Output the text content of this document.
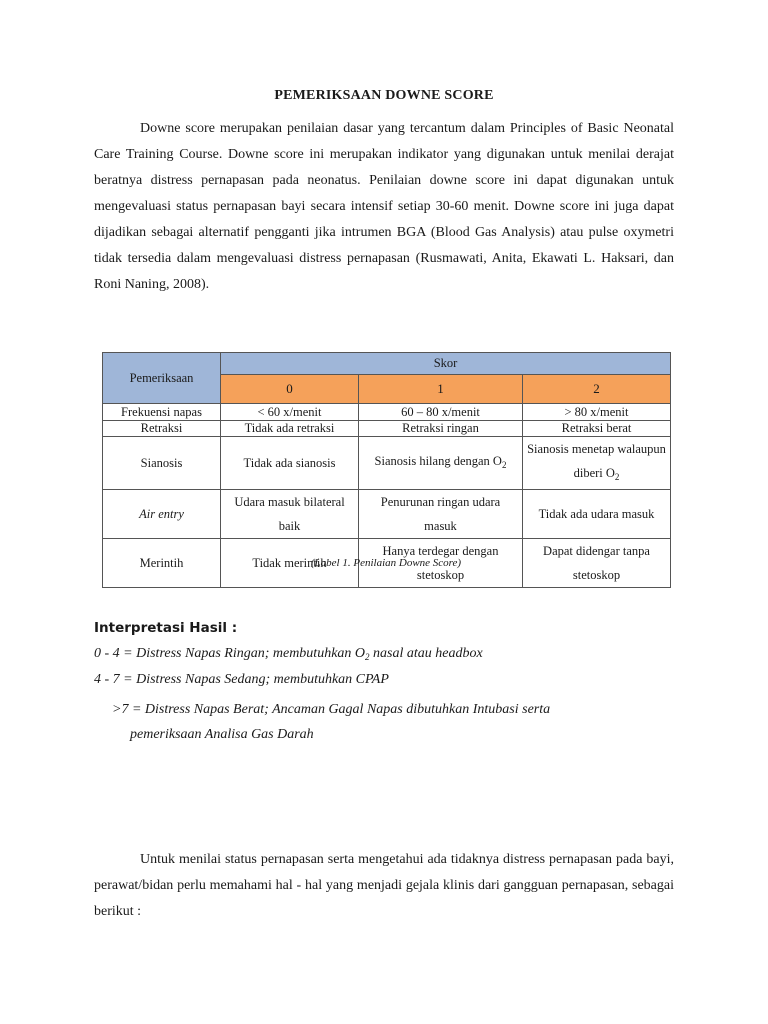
PEMERIKSAAN DOWNE SCORE
Downe score merupakan penilaian dasar yang tercantum dalam Principles of Basic Neonatal Care Training Course. Downe score ini merupakan indikator yang digunakan untuk menilai derajat beratnya distress pernapasan pada neonatus. Penilaian downe score ini dapat digunakan untuk mengevaluasi status pernapasan bayi secara intensif setiap 30-60 menit. Downe score ini juga dapat dijadikan sebagai alternatif pengganti jika intrumen BGA (Blood Gas Analysis) atau pulse oxymetri tidak tersedia dalam mengevaluasi distress pernapasan (Rusmawati, Anita, Ekawati L. Haksari, dan Roni Naning, 2008).
Pemeriksaan	Skor		
	0	1	2
Frekuensi napas	< 60 x/menit	60 – 80 x/menit	> 80 x/menit
Retraksi	Tidak ada retraksi	Retraksi ringan	Retraksi berat
Sianosis	Tidak ada sianosis	Sianosis hilang dengan $O_2$	Sianosis menetap walaupun diberi $O_2$
Air entry	Udara masuk bilateral baik	Penurunan ringan udara masuk	Tidak ada udara masuk
Merintih	Tidak merintih	Hanya terdegar dengan stetoskop	Dapat didengar tanpa stetoskop
(Label 1. Penilaian Downe Score)
Interpretasi Hasil :
0 - 4 = Distress Napas Ringan; membutuhkan $O_2$ nasal atau headbox
4 - 7 = Distress Napas Sedang; membutuhkan CPAP
>7 = Distress Napas Berat; Ancaman Gagal Napas dibutuhkan Intubasi serta
pemeriksaan Analisa Gas Darah
Untuk menilai status pernapasan serta mengetahui ada tidaknya distress pernapasan pada bayi, perawat/bidan perlu memahami hal - hal yang menjadi gejala klinis dari gangguan pernapasan, sebagai berikut :
